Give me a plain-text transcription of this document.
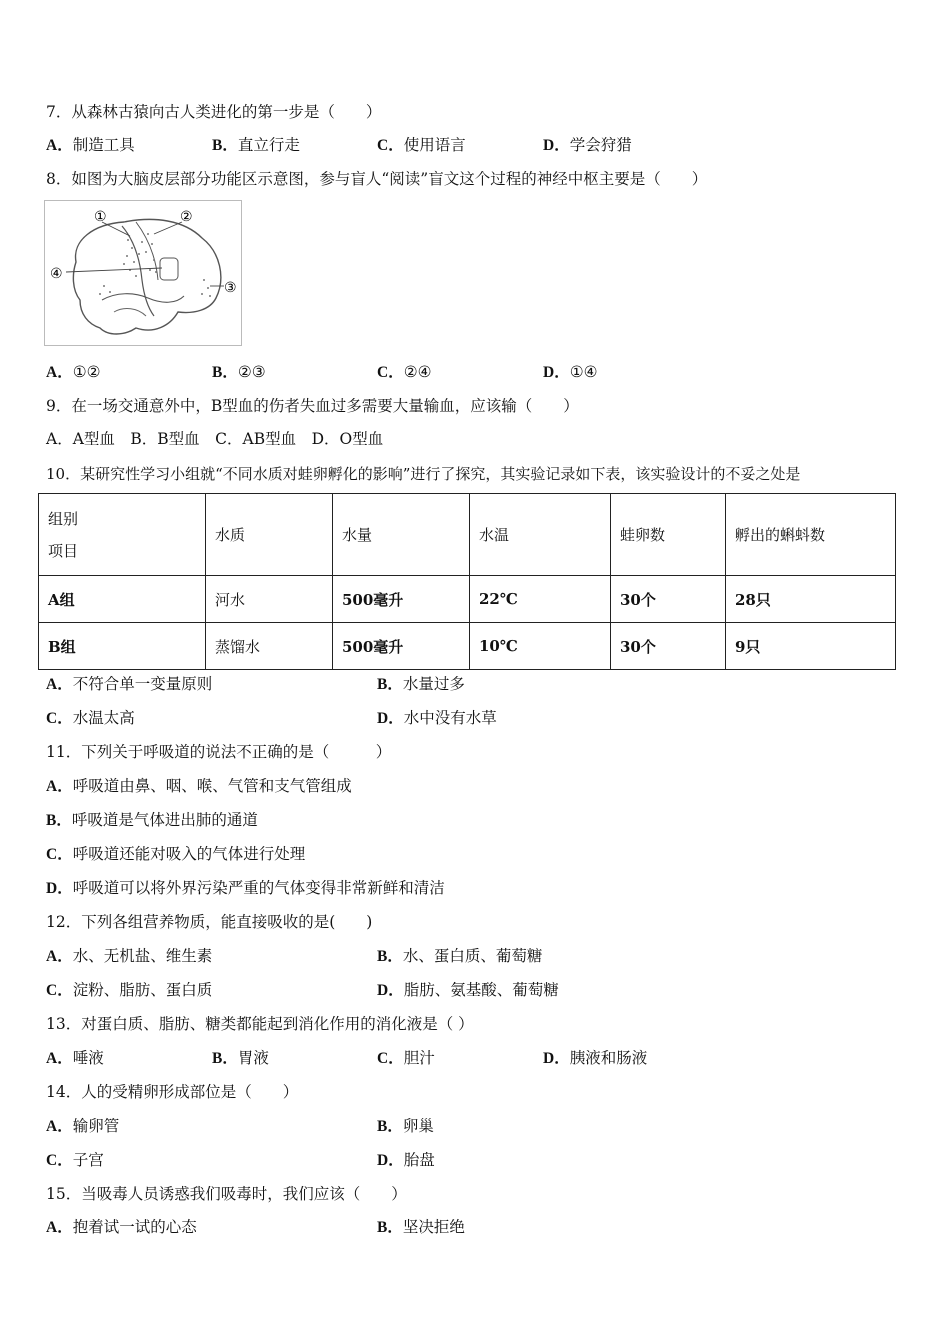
7．从森林古猿向古人类进化的第一步是（　　）
A．制造工具	B．直立行走	C．使用语言	D．学会狩猎
8．如图为大脑皮层部分功能区示意图，参与盲人“阅读”盲文这个过程的神经中枢主要是（　　）
①	②
③
④
A．①②	B．②③	C．②④	D．①④
9．在一场交通意外中，B型血的伤者失血过多需要大量输血，应该输（　　）
A．A型血　B．B型血　C．AB型血　D．O型血
10．某研究性学习小组就“不同水质对蛙卵孵化的影响”进行了探究，其实验记录如下表，该实验设计的不妥之处是
组别
项目	水质	水量	水温	蛙卵数	孵出的蝌蚪数
A组	河水	500毫升	22℃	30个	28只
B组	蒸馏水	500毫升	10℃	30个	9只
A．不符合单一变量原则	B．水量过多
C．水温太高	D．水中没有水草
11．下列关于呼吸道的说法不正确的是（　　　）
A．呼吸道由鼻、咽、喉、气管和支气管组成
B．呼吸道是气体进出肺的通道
C．呼吸道还能对吸入的气体进行处理
D．呼吸道可以将外界污染严重的气体变得非常新鲜和清洁
12．下列各组营养物质，能直接吸收的是(　　)
A．水、无机盐、维生素	B．水、蛋白质、葡萄糖
C．淀粉、脂肪、蛋白质	D．脂肪、氨基酸、葡萄糖
13．对蛋白质、脂肪、糖类都能起到消化作用的消化液是（ ）
A．唾液	B．胃液	C．胆汁	D．胰液和肠液
14．人的受精卵形成部位是（　　）
A．输卵管	B．卵巢
C．子宫	D．胎盘
15．当吸毒人员诱惑我们吸毒时，我们应该（　　）
A．抱着试一试的心态	B．坚决拒绝
